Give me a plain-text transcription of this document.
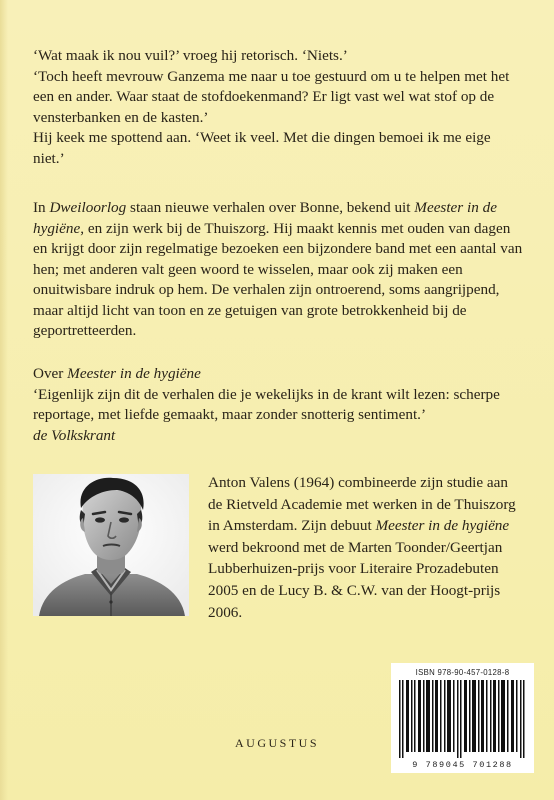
‘Wat maak ik nou vuil?’ vroeg hij retorisch. ‘Niets.’

‘Toch heeft mevrouw Ganzema me naar u toe gestuurd om u te helpen met het een en ander. Waar staat de stofdoekenmand? Er ligt vast wel wat stof op de vensterbanken en de kasten.’

Hij keek me spottend aan. ‘Weet ik veel. Met die dingen bemoei ik me eige niet.’

In Dweiloorlog staan nieuwe verhalen over Bonne, bekend uit Meester in de hygiëne, en zijn werk bij de Thuiszorg. Hij maakt kennis met ouden van dagen en krijgt door zijn regelmatige bezoeken een bijzondere band met een aantal van hen; met anderen valt geen woord te wisselen, maar ook zij maken een onuitwisbare indruk op hem. De verhalen zijn ontroerend, soms aangrijpend, maar altijd licht van toon en ze getuigen van grote betrokkenheid bij de geportretteerden.

Over Meester in de hygiëne

‘Eigenlijk zijn dit de verhalen die je wekelijks in de krant wilt lezen: scherpe reportage, met liefde gemaakt, maar zonder snotterig sentiment.’

de Volkskrant

Anton Valens (1964) combineerde zijn studie aan de Rietveld Academie met werken in de Thuiszorg in Amsterdam. Zijn debuut Meester in de hygiëne werd bekroond met de Marten Toonder/Geertjan Lubberhuizen-prijs voor Literaire Prozadebuten 2005 en de Lucy B. & C.W. van der Hoogt-prijs 2006.

AUGUSTUS
ISBN 978-90-457-0128-8
9 789045 701288
